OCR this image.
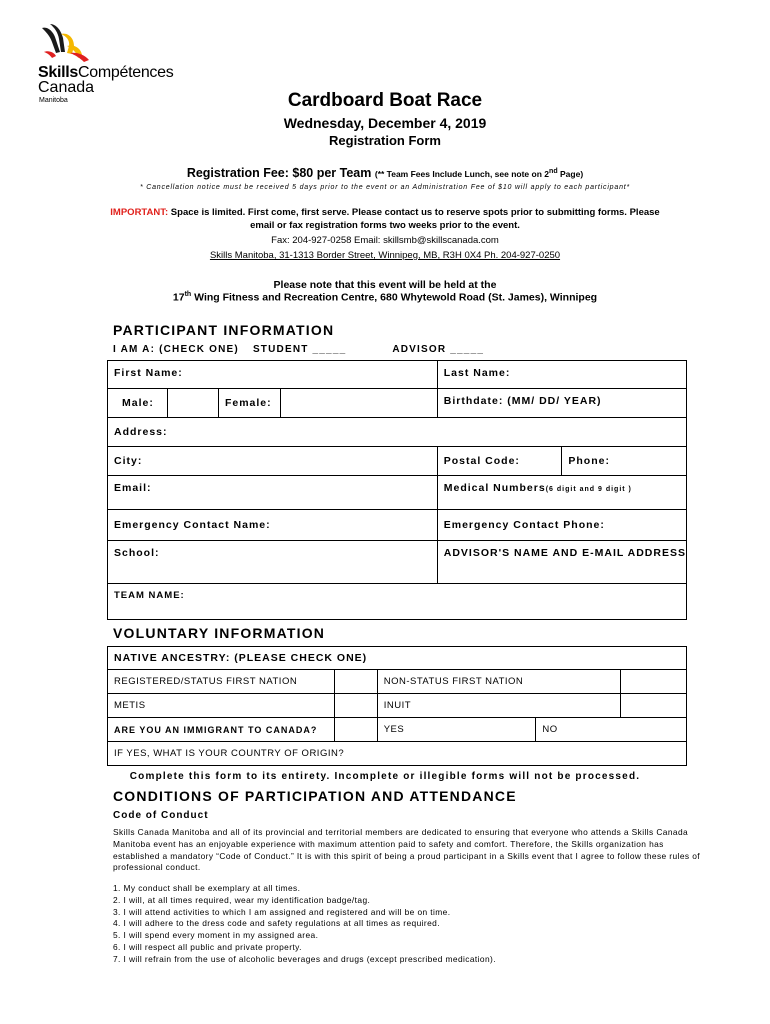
SkillsCompétences
Canada
Manitoba	Cardboard Boat Race
Wednesday, December 4, 2019
Registration Form
Registration Fee: $80 per Team (** Team Fees Include Lunch, see note on 2nd Page)
* Cancellation notice must be received 5 days prior to the event or an Administration Fee of $10 will apply to each participant*
IMPORTANT: Space is limited. First come, first serve. Please contact us to reserve spots prior to submitting forms. Please
email or fax registration forms two weeks prior to the event.
Fax: 204-927-0258 Email: skillsmb@skillscanada.com
Skills Manitoba, 31-1313 Border Street, Winnipeg, MB, R3H 0X4 Ph. 204-927-0250
Please note that this event will be held at the
17th Wing Fitness and Recreation Centre, 680 Whytewold Road (St. James), Winnipeg
PARTICIPANT INFORMATION
I AM A: (CHECK ONE) STUDENT _____	ADVISOR _____
First Name:				Last Name:	
Male:		Female:		Birthdate: (MM/ DD/ YEAR)	
Address:					
City:				Postal Code:	Phone:
Email:				Medical Numbers(6 digit and 9 digit )	
Emergency Contact Name:				Emergency Contact Phone:	
School:				ADVISOR'S NAME AND E-MAIL ADDRESS	
TEAM NAME:					
VOLUNTARY INFORMATION
NATIVE ANCESTRY: (PLEASE CHECK ONE)				
REGISTERED/STATUS FIRST NATION		NON-STATUS FIRST NATION		
METIS		INUIT		
ARE YOU AN IMMIGRANT TO CANADA?		YES	NO	
IF YES, WHAT IS YOUR COUNTRY OF ORIGIN?				
Complete this form to its entirety. Incomplete or illegible forms will not be processed.
CONDITIONS OF PARTICIPATION AND ATTENDANCE
Code of Conduct
Skills Canada Manitoba and all of its provincial and territorial members are dedicated to ensuring that everyone who attends a Skills Canada Manitoba event has an enjoyable experience with maximum attention paid to safety and comfort. Therefore, the Skills organization has established a mandatory “Code of Conduct.” It is with this spirit of being a proud participant in a Skills event that I agree to follow these rules of professional conduct.
1. My conduct shall be exemplary at all times.
2. I will, at all times required, wear my identification badge/tag.
3. I will attend activities to which I am assigned and registered and will be on time.
4. I will adhere to the dress code and safety regulations at all times as required.
5. I will spend every moment in my assigned area.
6. I will respect all public and private property.
7. I will refrain from the use of alcoholic beverages and drugs (except prescribed medication).
